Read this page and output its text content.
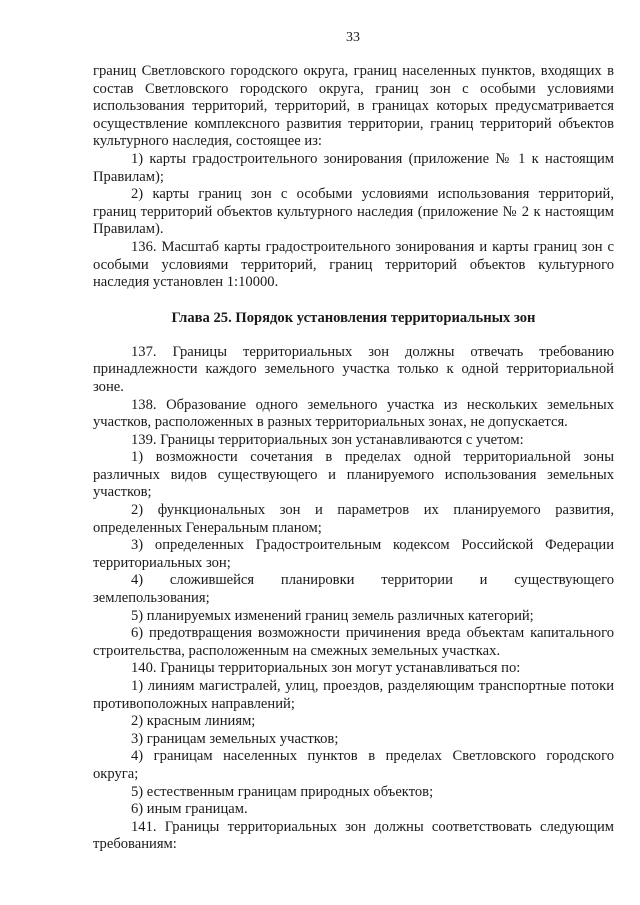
33

границ Светловского городского округа, границ населенных пунктов, входящих в состав Светловского городского округа, границ зон с особыми условиями использования территорий, территорий, в границах которых предусматривается осуществление комплексного развития территории, границ территорий объектов культурного наследия, состоящее из:

1) карты градостроительного зонирования (приложение № 1 к настоящим Правилам);

2) карты границ зон с особыми условиями использования территорий, границ территорий объектов культурного наследия (приложение № 2 к настоящим Правилам).

136. Масштаб карты градостроительного зонирования и карты границ зон с особыми условиями территорий, границ территорий объектов культурного наследия установлен 1:10000.

Глава 25. Порядок установления территориальных зон

137. Границы территориальных зон должны отвечать требованию принадлежности каждого земельного участка только к одной территориальной зоне.

138. Образование одного земельного участка из нескольких земельных участков, расположенных в разных территориальных зонах, не допускается.

139. Границы территориальных зон устанавливаются с учетом:

1) возможности сочетания в пределах одной территориальной зоны различных видов существующего и планируемого использования земельных участков;

2) функциональных зон и параметров их планируемого развития, определенных Генеральным планом;

3) определенных Градостроительным кодексом Российской Федерации территориальных зон;

4) сложившейся планировки территории и существующего землепользования;

5) планируемых изменений границ земель различных категорий;

6) предотвращения возможности причинения вреда объектам капитального строительства, расположенным на смежных земельных участках.

140. Границы территориальных зон могут устанавливаться по:

1) линиям магистралей, улиц, проездов, разделяющим транспортные потоки противоположных направлений;

2) красным линиям;

3) границам земельных участков;

4) границам населенных пунктов в пределах Светловского городского округа;

5) естественным границам природных объектов;

6) иным границам.

141. Границы территориальных зон должны соответствовать следующим требованиям:
